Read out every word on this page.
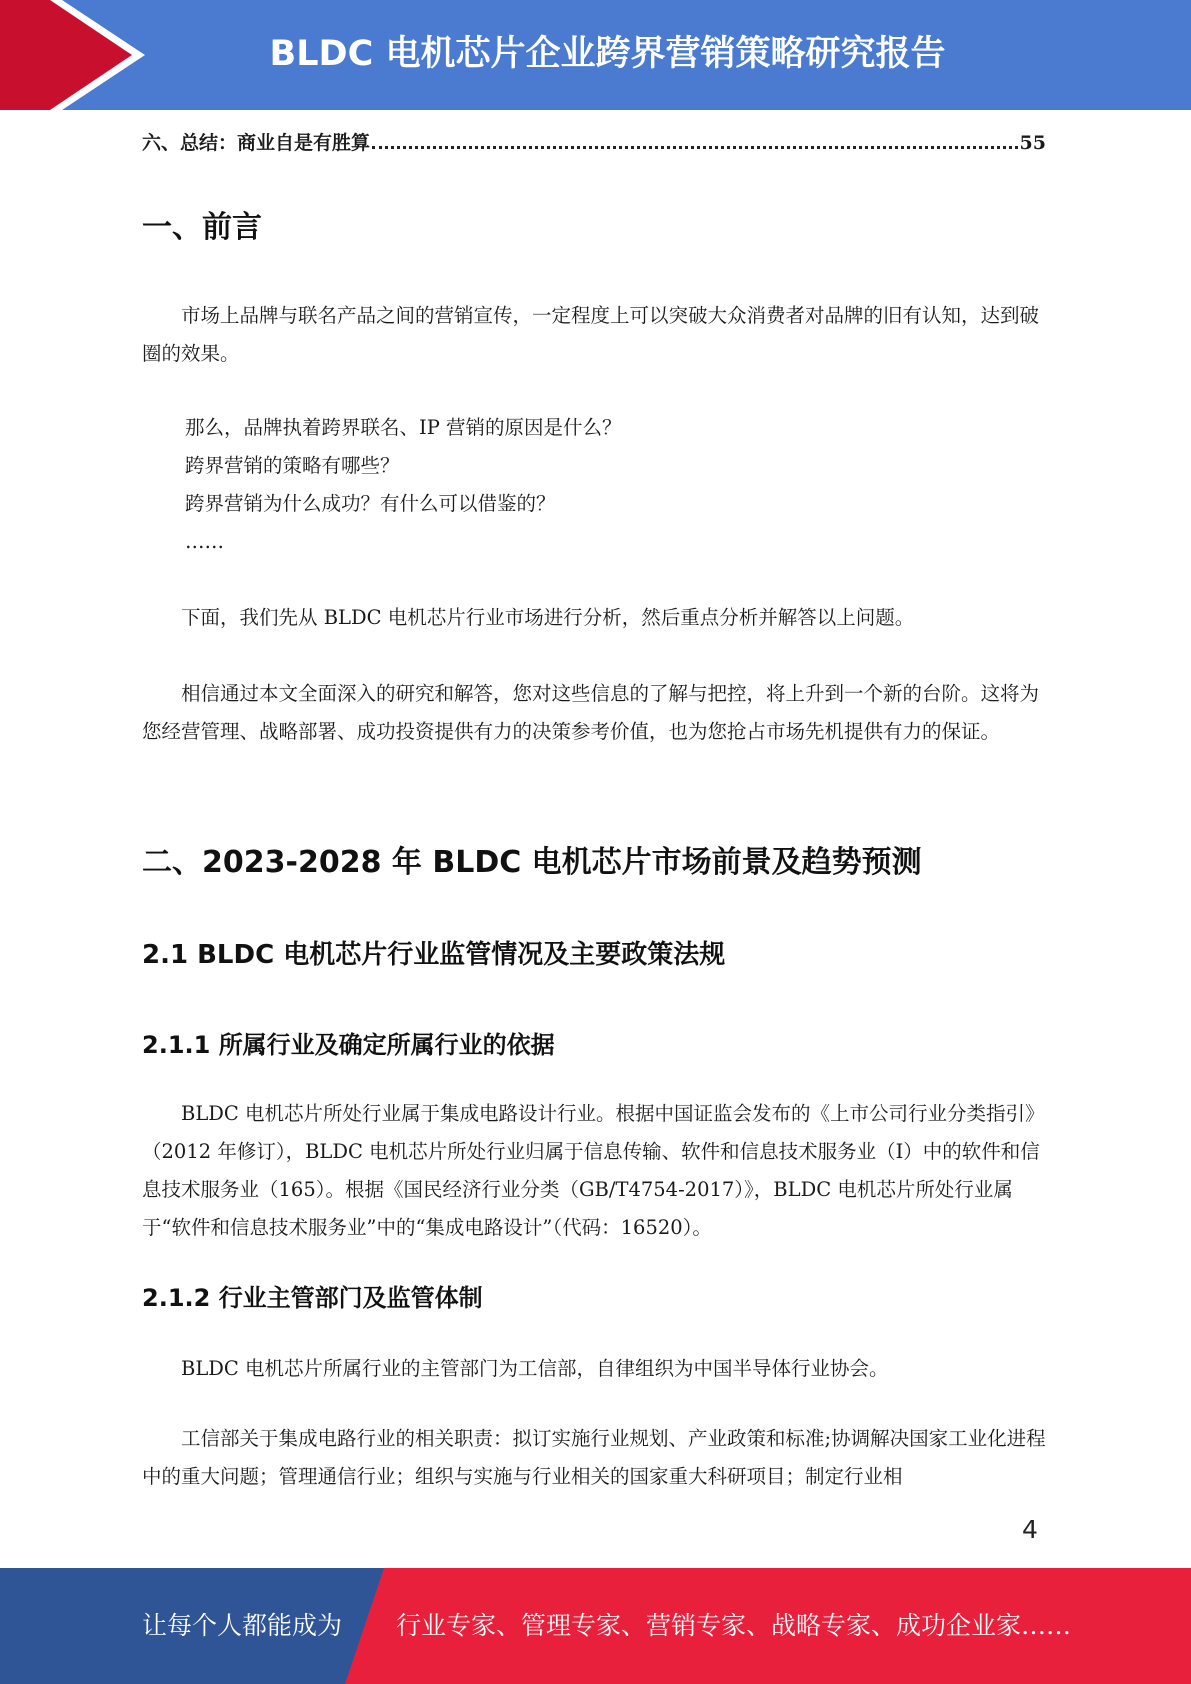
BLDC 电机芯片企业跨界营销策略研究报告
六、总结：商业自是有胜算	55
一、前言

市场上品牌与联名产品之间的营销宣传，一定程度上可以突破大众消费者对品牌的旧有认知，达到破圈的效果。

那么，品牌执着跨界联名、IP 营销的原因是什么？

跨界营销的策略有哪些？

跨界营销为什么成功？有什么可以借鉴的？

……

下面，我们先从 BLDC 电机芯片行业市场进行分析，然后重点分析并解答以上问题。

相信通过本文全面深入的研究和解答，您对这些信息的了解与把控，将上升到一个新的台阶。这将为您经营管理、战略部署、成功投资提供有力的决策参考价值，也为您抢占市场先机提供有力的保证。

二、2023-2028 年 BLDC 电机芯片市场前景及趋势预测
2.1 BLDC 电机芯片行业监管情况及主要政策法规
2.1.1 所属行业及确定所属行业的依据

BLDC 电机芯片所处行业属于集成电路设计行业。根据中国证监会发布的《上市公司行业分类指引》（2012 年修订），BLDC 电机芯片所处行业归属于信息传输、软件和信息技术服务业（I）中的软件和信息技术服务业（165）。根据《国民经济行业分类（GB/T4754-2017）》，BLDC 电机芯片所处行业属于“软件和信息技术服务业”中的“集成电路设计”（代码：16520）。

2.1.2 行业主管部门及监管体制

BLDC 电机芯片所属行业的主管部门为工信部，自律组织为中国半导体行业协会。

工信部关于集成电路行业的相关职责：拟订实施行业规划、产业政策和标准;协调解决国家工业化进程中的重大问题；管理通信行业；组织与实施与行业相关的国家重大科研项目；制定行业相

4
让每个人都能成为 行业专家、管理专家、营销专家、战略专家、成功企业家……
